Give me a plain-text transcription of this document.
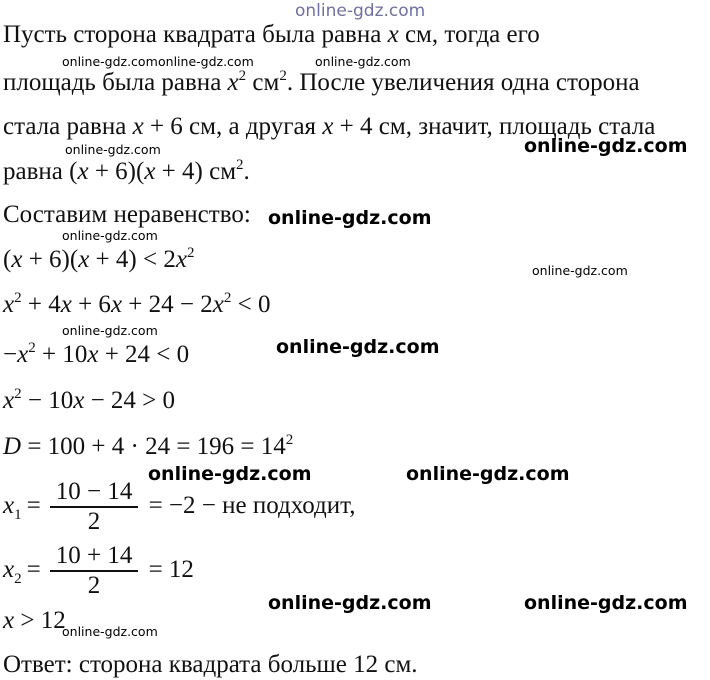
Пусть сторона квадрата была равна x см, тогда его
площадь была равна $x^2$ $см^2$. После увеличения одна сторона
стала равна x + 6 см, а другая x + 4 см, значит, площадь стала
равна (x + 6)(x + 4) $см^2$.
Составим неравенство:
$(x + 6)(x + 4) < 2x^2$
$x^2 + 4x + 6x + 24 - 2x^2 < 0$
$-x^2 + 10x + 24 < 0$
$x^2 - 10x - 24 > 0$
$D = 100 + 4 \cdot 24 = 196 = 14^2$
$x_1 = \frac{10 - 14}{2} = -2$ − не подходит,
$x_2 = \frac{10 + 14}{2} = 12$
x > 12
Ответ: сторона квадрата больше 12 см.
online-gdz.com
online-gdz.com online-gdz.com	online-gdz.com
online-gdz.com	online-gdz.com
online-gdz.com
online-gdz.com
online-gdz.com
online-gdz.com
online-gdz.com
online-gdz.com	online-gdz.com
online-gdz.com	online-gdz.com
online-gdz.com
